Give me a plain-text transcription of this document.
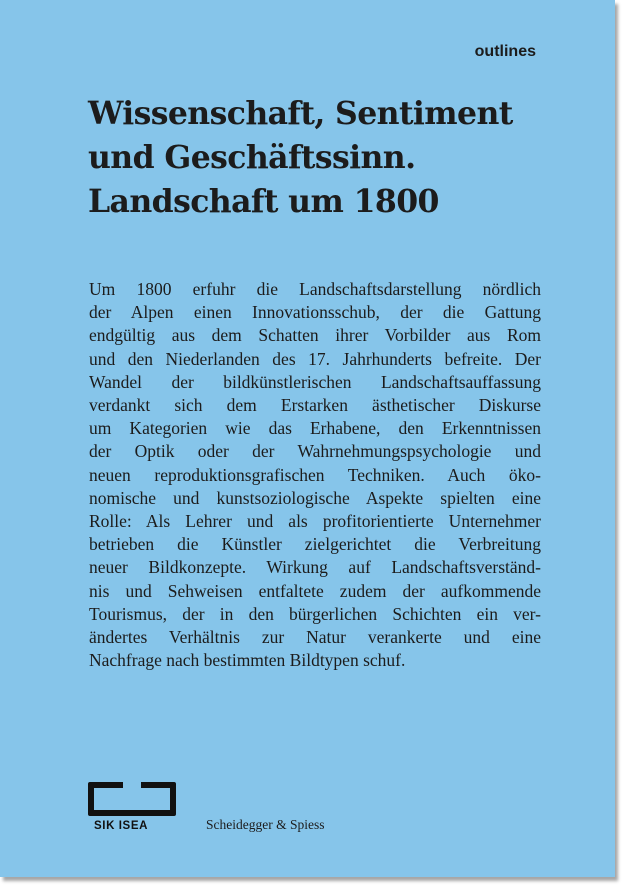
outlines
Wissenschaft, Sentiment
und Geschäftssinn.
Landschaft um 1800
Um 1800 erfuhr die Landschaftsdarstellung nördlich
der Alpen einen Innovationsschub, der die Gattung
endgültig aus dem Schatten ihrer Vorbilder aus Rom
und den Niederlanden des 17. Jahrhunderts befreite. Der
Wandel der bildkünstlerischen Landschaftsauffassung
verdankt sich dem Erstarken ästhetischer Diskurse
um Kategorien wie das Erhabene, den Erkenntnissen
der Optik oder der Wahrnehmungspsychologie und
neuen reproduktionsgrafischen Techniken. Auch öko-
nomische und kunstsoziologische Aspekte spielten eine
Rolle: Als Lehrer und als profitorientierte Unternehmer
betrieben die Künstler zielgerichtet die Verbreitung
neuer Bildkonzepte. Wirkung auf Landschaftsverständ-
nis und Sehweisen entfaltete zudem der aufkommende
Tourismus, der in den bürgerlichen Schichten ein ver-
ändertes Verhältnis zur Natur verankerte und eine
Nachfrage nach bestimmten Bildtypen schuf.
SIK ISEA	Scheidegger & Spiess
